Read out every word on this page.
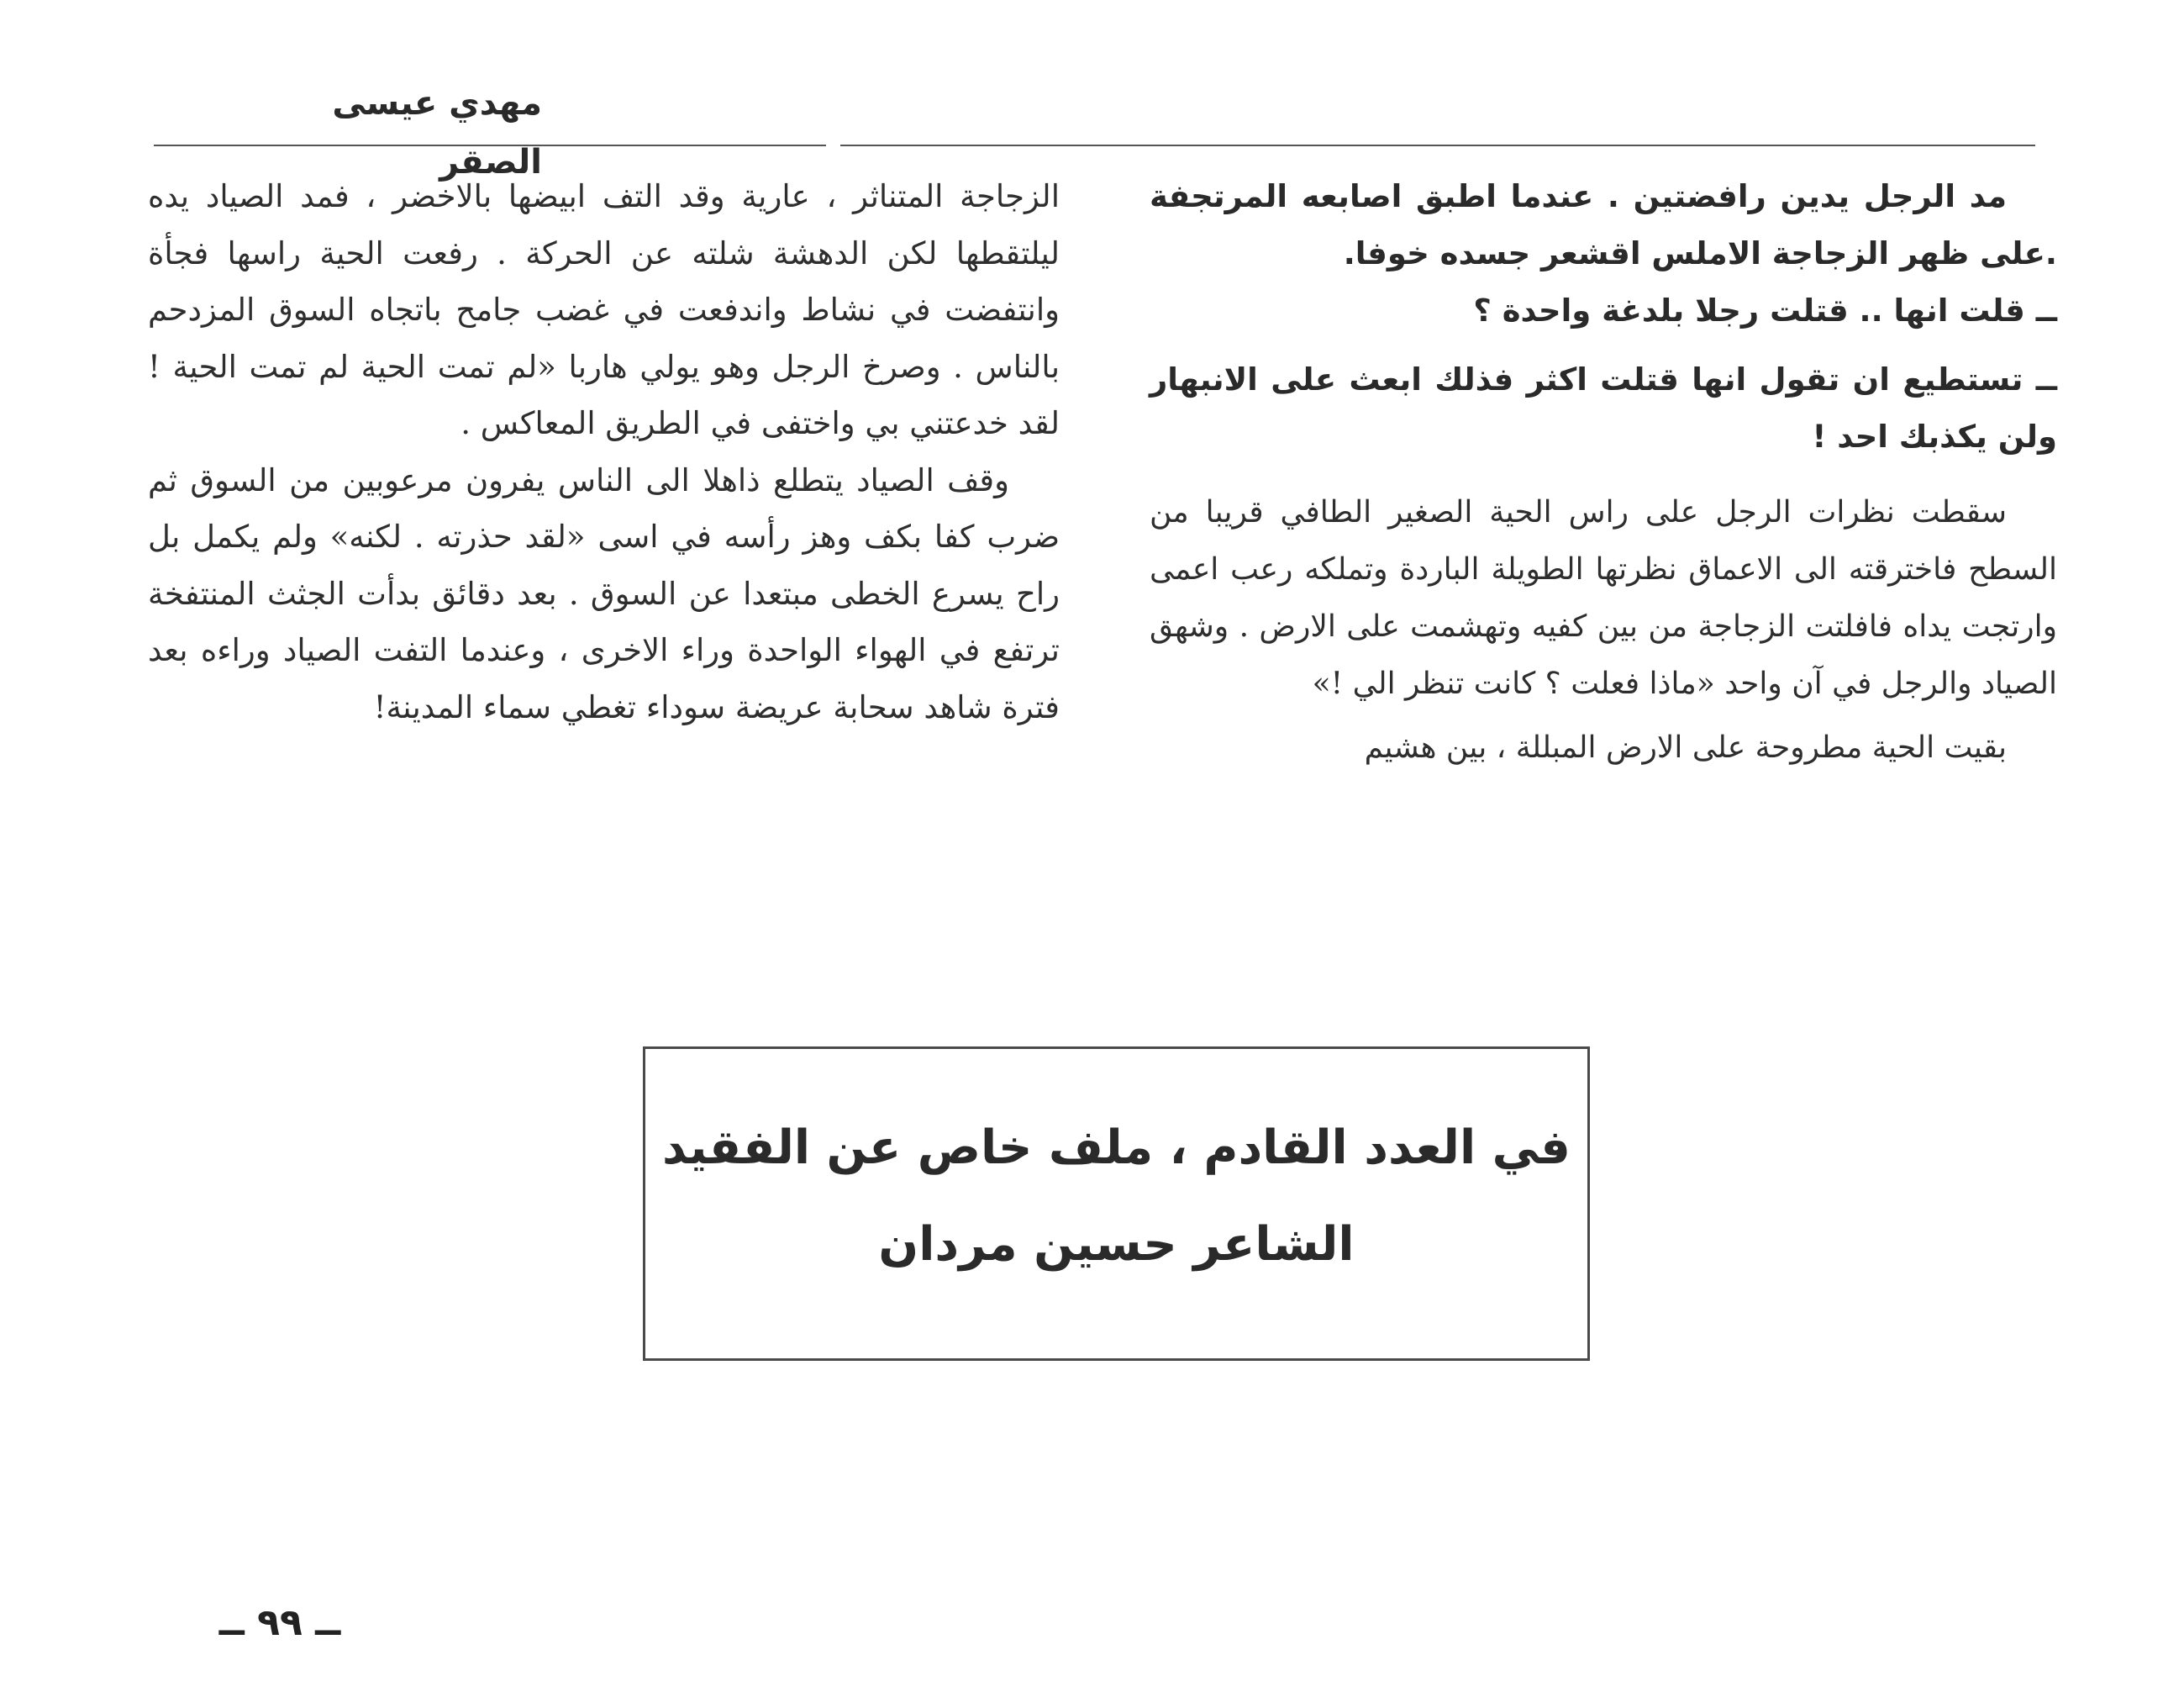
مهدي عيسى الصقر

مد الرجل يدين رافضتين . عندما اطبق اصابعه المرتجفة .على ظهر الزجاجة الاملس اقشعر جسده خوفا.

ــ قلت انها .. قتلت رجلا بلدغة واحدة ؟

ــ تستطيع ان تقول انها قتلت اكثر فذلك ابعث على الانبهار ولن يكذبك احد !

سقطت نظرات الرجل على راس الحية الصغير الطافي قريبا من السطح فاخترقته الى الاعماق نظرتها الطويلة الباردة وتملكه رعب اعمى وارتجت يداه فافلتت الزجاجة من بين كفيه وتهشمت على الارض . وشهق الصياد والرجل في آن واحد «ماذا فعلت ؟ كانت تنظر الي !»

بقيت الحية مطروحة على الارض المبللة ، بين هشيم

الزجاجة المتناثر ، عارية وقد التف ابيضها بالاخضر ، فمد الصياد يده ليلتقطها لكن الدهشة شلته عن الحركة . رفعت الحية راسها فجأة وانتفضت في نشاط واندفعت في غضب جامح باتجاه السوق المزدحم بالناس . وصرخ الرجل وهو يولي هاربا «لم تمت الحية لم تمت الحية ! لقد خدعتني بي واختفى في الطريق المعاكس .

وقف الصياد يتطلع ذاهلا الى الناس يفرون مرعوبين من السوق ثم ضرب كفا بكف وهز رأسه في اسى «لقد حذرته . لكنه» ولم يكمل بل راح يسرع الخطى مبتعدا عن السوق . بعد دقائق بدأت الجثث المنتفخة ترتفع في الهواء الواحدة وراء الاخرى ، وعندما التفت الصياد وراءه بعد فترة شاهد سحابة عريضة سوداء تغطي سماء المدينة!

في العدد القادم ، ملف خاص عن الفقيد
الشاعر حسين مردان
ــ ٩٩ ــ
